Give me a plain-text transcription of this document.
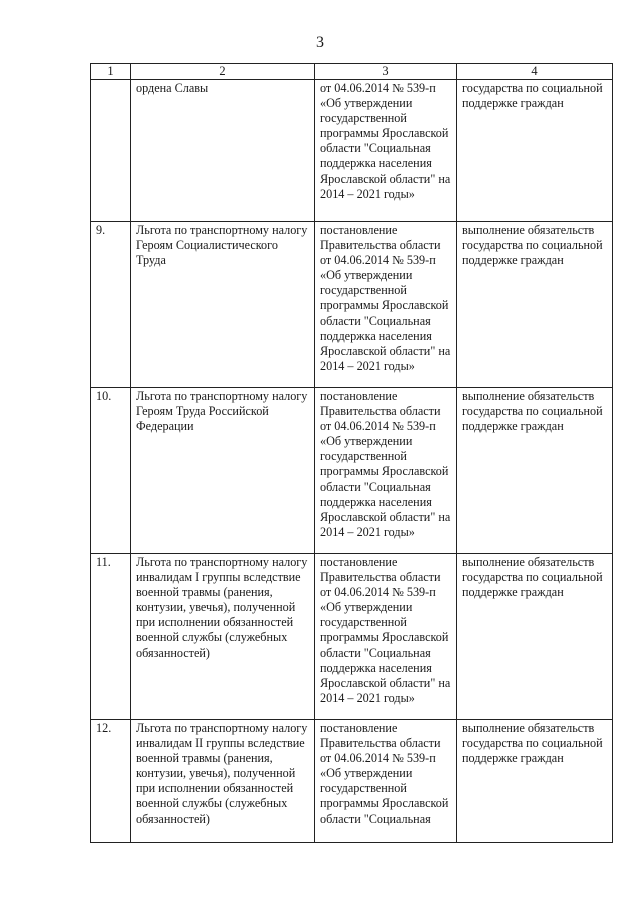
3
1	2	3	4
	ордена Славы	от 04.06.2014 № 539-п «Об утверждении государственной программы Ярославской области "Социальная поддержка населения Ярославской области" на 2014 – 2021 годы»	государства по социальной поддержке граждан
9.	Льгота по транспортному налогу Героям Социалистического Труда	постановление Правительства области от 04.06.2014 № 539-п «Об утверждении государственной программы Ярославской области "Социальная поддержка населения Ярославской области" на 2014 – 2021 годы»	выполнение обязательств государства по социальной поддержке граждан
10.	Льгота по транспортному налогу Героям Труда Российской Федерации	постановление Правительства области от 04.06.2014 № 539-п «Об утверждении государственной программы Ярославской области "Социальная поддержка населения Ярославской области" на 2014 – 2021 годы»	выполнение обязательств государства по социальной поддержке граждан
11.	Льгота по транспортному налогу инвалидам I группы вследствие военной травмы (ранения, контузии, увечья), полученной при исполнении обязанностей военной службы (служебных обязанностей)	постановление Правительства области от 04.06.2014 № 539-п «Об утверждении государственной программы Ярославской области "Социальная поддержка населения Ярославской области" на 2014 – 2021 годы»	выполнение обязательств государства по социальной поддержке граждан
12.	Льгота по транспортному налогу инвалидам II группы вследствие военной травмы (ранения, контузии, увечья), полученной при исполнении обязанностей военной службы (служебных обязанностей)	постановление Правительства области от 04.06.2014 № 539-п «Об утверждении государственной программы Ярославской области "Социальная	выполнение обязательств государства по социальной поддержке граждан
